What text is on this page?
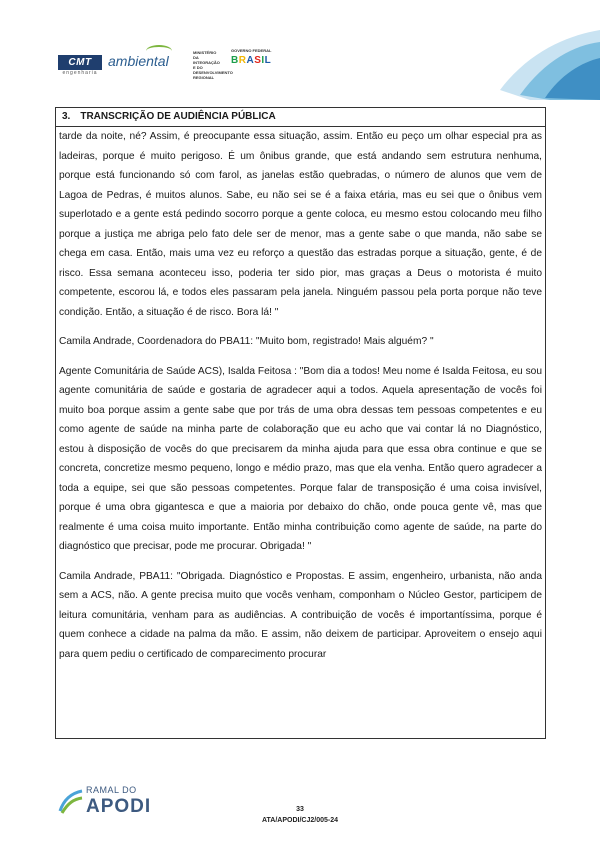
CMT
engenharia
ambiental
MINISTÉRIO DA INTEGRAÇÃO E DO DESENVOLVIMENTO REGIONAL
GOVERNO FEDERAL
BRASIL
3. TRANSCRIÇÃO DE AUDIÊNCIA PÚBLICA

tarde da noite, né? Assim, é preocupante essa situação, assim. Então eu peço um olhar especial pra as ladeiras, porque é muito perigoso. É um ônibus grande, que está andando sem estrutura nenhuma, porque está funcionando só com farol, as janelas estão quebradas, o número de alunos que vem de Lagoa de Pedras, é muitos alunos. Sabe, eu não sei se é a faixa etária, mas eu sei que o ônibus vem superlotado e a gente está pedindo socorro porque a gente coloca, eu mesmo estou colocando meu filho porque a justiça me abriga pelo fato dele ser de menor, mas a gente sabe o que manda, não sabe se chega em casa. Então, mais uma vez eu reforço a questão das estradas porque a situação, gente, é de risco. Essa semana aconteceu isso, poderia ter sido pior, mas graças a Deus o motorista é muito competente, escorou lá, e todos eles passaram pela janela. Ninguém passou pela porta porque não teve condição. Então, a situação é de risco. Bora lá! "

Camila Andrade, Coordenadora do PBA11: "Muito bom, registrado! Mais alguém? "

Agente Comunitária de Saúde ACS), Isalda Feitosa : "Bom dia a todos! Meu nome é Isalda Feitosa, eu sou agente comunitária de saúde e gostaria de agradecer aqui a todos. Aquela apresentação de vocês foi muito boa porque assim a gente sabe que por trás de uma obra dessas tem pessoas competentes e eu como agente de saúde na minha parte de colaboração que eu acho que vai contar lá no Diagnóstico, estou à disposição de vocês do que precisarem da minha ajuda para que essa obra continue e que se concreta, concretize mesmo pequeno, longo e médio prazo, mas que ela venha. Então quero agradecer a toda a equipe, sei que são pessoas competentes. Porque falar de transposição é uma coisa invisível, porque é uma obra gigantesca e que a maioria por debaixo do chão, onde pouca gente vê, mas que realmente é uma coisa muito importante. Então minha contribuição como agente de saúde, na parte do diagnóstico que precisar, pode me procurar. Obrigada! "

Camila Andrade, PBA11: "Obrigada. Diagnóstico e Propostas. E assim, engenheiro, urbanista, não anda sem a ACS, não. A gente precisa muito que vocês venham, componham o Núcleo Gestor, participem de leitura comunitária, venham para as audiências. A contribuição de vocês é importantíssima, porque é quem conhece a cidade na palma da mão. E assim, não deixem de participar. Aproveitem o ensejo aqui para quem pediu o certificado de comparecimento procurar

RAMAL DO
APODI	33
ATA/APODI/CJ2/005-24
